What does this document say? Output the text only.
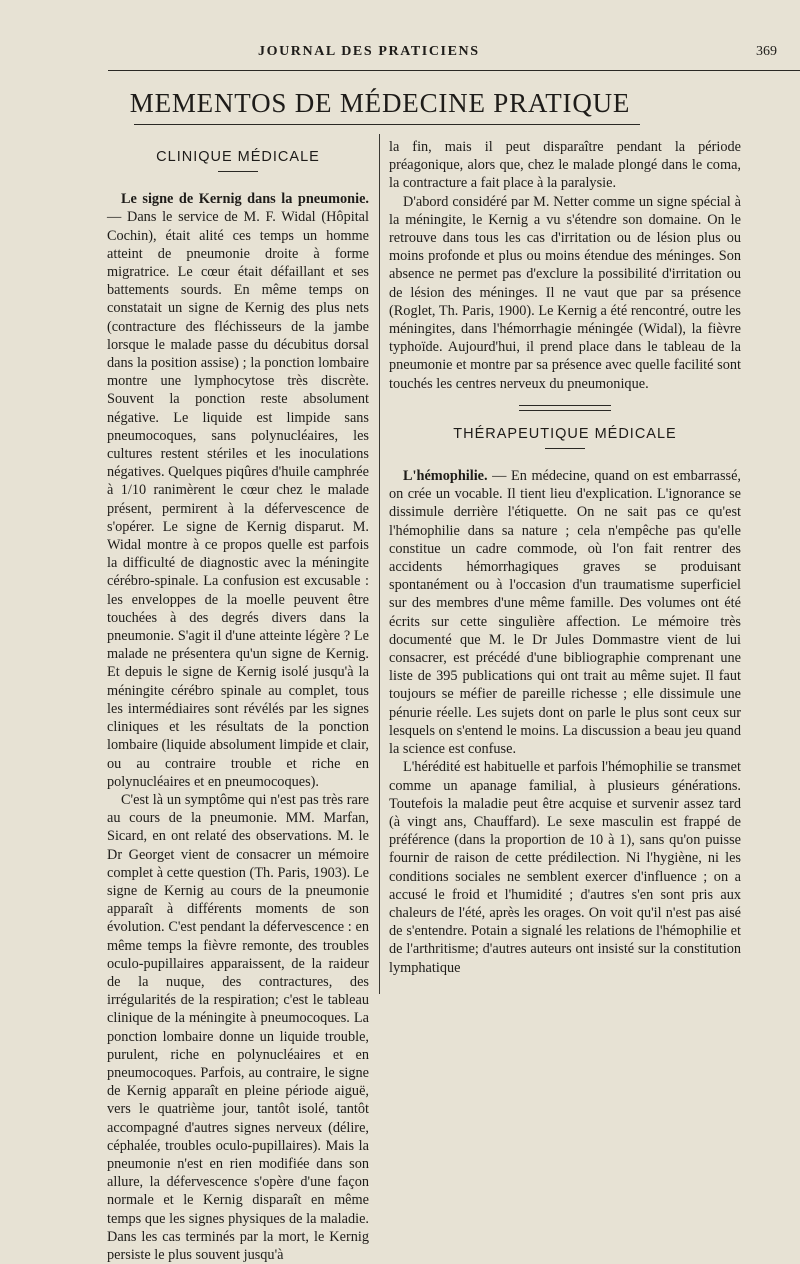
JOURNAL DES PRATICIENS	369
MEMENTOS DE MÉDECINE PRATIQUE
CLINIQUE MÉDICALE

Le signe de Kernig dans la pneumonie. — Dans le service de M. F. Widal (Hôpital Cochin), était alité ces temps un homme atteint de pneumonie droite à forme migratrice. Le cœur était défaillant et ses battements sourds. En même temps on constatait un signe de Kernig des plus nets (contracture des fléchisseurs de la jambe lorsque le malade passe du décubitus dorsal dans la position assise) ; la ponction lombaire montre une lymphocytose très discrète. Souvent la ponction reste absolument négative. Le liquide est limpide sans pneumocoques, sans polynucléaires, les cultures restent stériles et les inoculations négatives. Quelques piqûres d'huile camphrée à 1/10 ranimèrent le cœur chez le malade présent, permirent à la défervescence de s'opérer. Le signe de Kernig disparut. M. Widal montre à ce propos quelle est parfois la difficulté de diagnostic avec la méningite cérébro-spinale. La confusion est excusable : les enveloppes de la moelle peuvent être touchées à des degrés divers dans la pneumonie. S'agit il d'une atteinte légère ? Le malade ne présentera qu'un signe de Kernig. Et depuis le signe de Kernig isolé jusqu'à la méningite cérébro spinale au complet, tous les intermédiaires sont révélés par les signes cliniques et les résultats de la ponction lombaire (liquide absolument limpide et clair, ou au contraire trouble et riche en polynucléaires et en pneumocoques).

C'est là un symptôme qui n'est pas très rare au cours de la pneumonie. MM. Marfan, Sicard, en ont relaté des observations. M. le Dr Georget vient de consacrer un mémoire complet à cette question (Th. Paris, 1903). Le signe de Kernig au cours de la pneumonie apparaît à différents moments de son évolution. C'est pendant la défervescence : en même temps la fièvre remonte, des troubles oculo-pupillaires apparaissent, de la raideur de la nuque, des contractures, des irrégularités de la respiration; c'est le tableau clinique de la méningite à pneumocoques. La ponction lombaire donne un liquide trouble, purulent, riche en polynucléaires et en pneumocoques. Parfois, au contraire, le signe de Kernig apparaît en pleine période aiguë, vers le quatrième jour, tantôt isolé, tantôt accompagné d'autres signes nerveux (délire, céphalée, troubles oculo-pupillaires). Mais la pneumonie n'est en rien modifiée dans son allure, la défervescence s'opère d'une façon normale et le Kernig disparaît en même temps que les signes physiques de la maladie. Dans les cas terminés par la mort, le Kernig persiste le plus souvent jusqu'à

la fin, mais il peut disparaître pendant la période préagonique, alors que, chez le malade plongé dans le coma, la contracture a fait place à la paralysie.

D'abord considéré par M. Netter comme un signe spécial à la méningite, le Kernig a vu s'étendre son domaine. On le retrouve dans tous les cas d'irritation ou de lésion plus ou moins profonde et plus ou moins étendue des méninges. Son absence ne permet pas d'exclure la possibilité d'irritation ou de lésion des méninges. Il ne vaut que par sa présence (Roglet, Th. Paris, 1900). Le Kernig a été rencontré, outre les méningites, dans l'hémorrhagie méningée (Widal), la fièvre typhoïde. Aujourd'hui, il prend place dans le tableau de la pneumonie et montre par sa présence avec quelle facilité sont touchés les centres nerveux du pneumonique.

THÉRAPEUTIQUE MÉDICALE

L'hémophilie. — En médecine, quand on est embarrassé, on crée un vocable. Il tient lieu d'explication. L'ignorance se dissimule derrière l'étiquette. On ne sait pas ce qu'est l'hémophilie dans sa nature ; cela n'empêche pas qu'elle constitue un cadre commode, où l'on fait rentrer des accidents hémorrhagiques graves se produisant spontanément ou à l'occasion d'un traumatisme superficiel sur des membres d'une même famille. Des volumes ont été écrits sur cette singulière affection. Le mémoire très documenté que M. le Dr Jules Dommastre vient de lui consacrer, est précédé d'une bibliographie comprenant une liste de 395 publications qui ont trait au même sujet. Il faut toujours se méfier de pareille richesse ; elle dissimule une pénurie réelle. Les sujets dont on parle le plus sont ceux sur lesquels on s'entend le moins. La discussion a beau jeu quand la science est confuse.

L'hérédité est habituelle et parfois l'hémophilie se transmet comme un apanage familial, à plusieurs générations. Toutefois la maladie peut être acquise et survenir assez tard (à vingt ans, Chauffard). Le sexe masculin est frappé de préférence (dans la proportion de 10 à 1), sans qu'on puisse fournir de raison de cette prédilection. Ni l'hygiène, ni les conditions sociales ne semblent exercer d'influence ; on a accusé le froid et l'humidité ; d'autres s'en sont pris aux chaleurs de l'été, après les orages. On voit qu'il n'est pas aisé de s'entendre. Potain a signalé les relations de l'hémophilie et de l'arthritisme; d'autres auteurs ont insisté sur la constitution lymphatique
